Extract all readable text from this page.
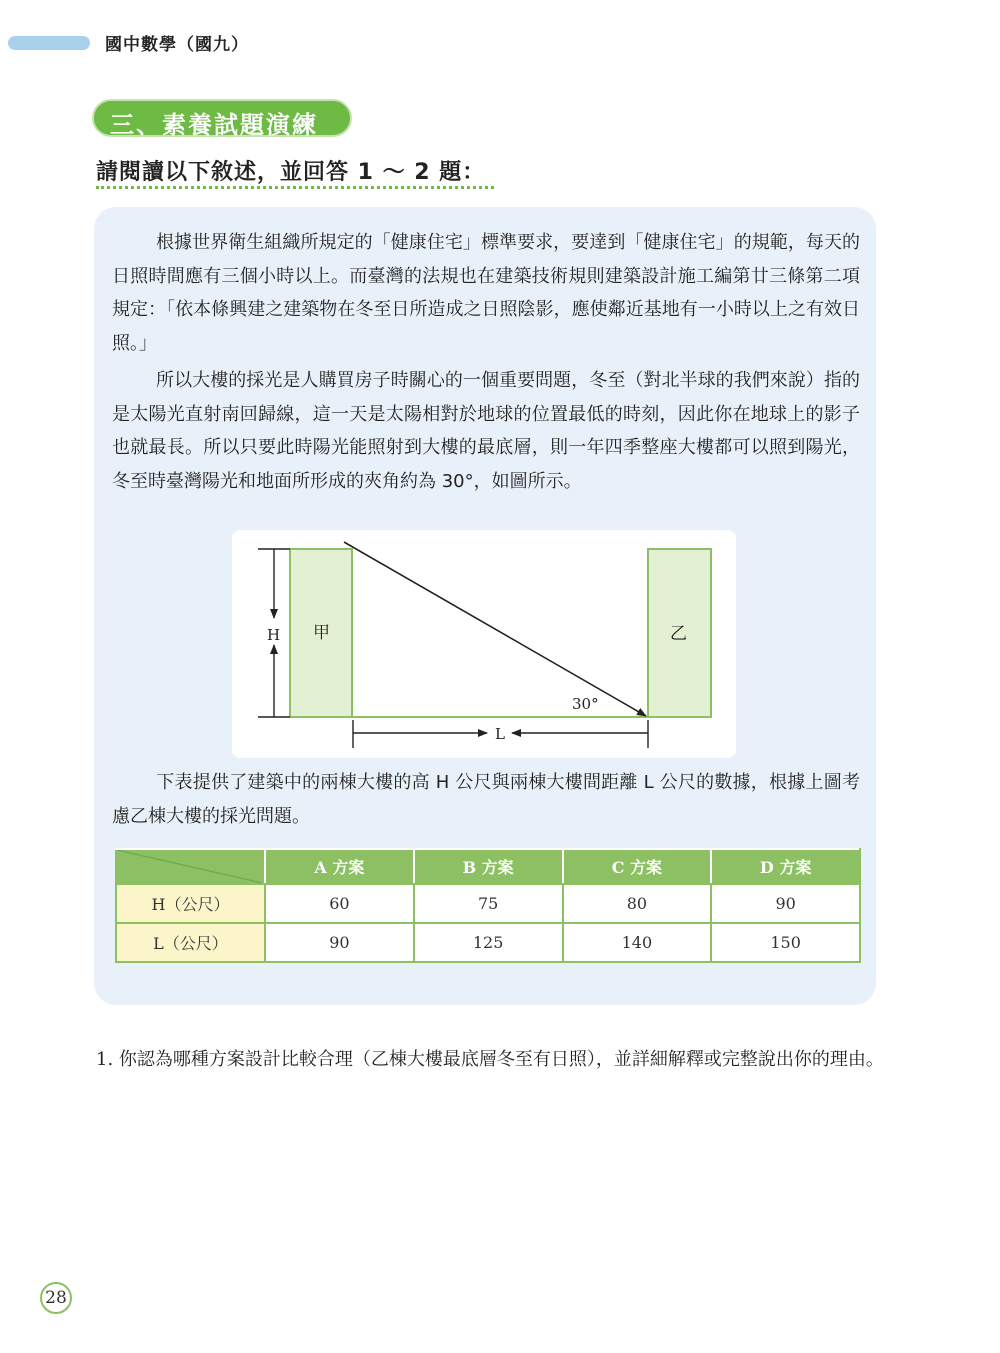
國中數學（國九）
三、素養試題演練
請閱讀以下敘述，並回答 1 ～ 2 題：

根據世界衛生組織所規定的「健康住宅」標準要求，要達到「健康住宅」的規範，每天的日照時間應有三個小時以上。而臺灣的法規也在建築技術規則建築設計施工編第廿三條第二項規定：「依本條興建之建築物在冬至日所造成之日照陰影，應使鄰近基地有一小時以上之有效日照。」

所以大樓的採光是人購買房子時關心的一個重要問題，冬至（對北半球的我們來說）指的是太陽光直射南回歸線，這一天是太陽相對於地球的位置最低的時刻，因此你在地球上的影子也就最長。所以只要此時陽光能照射到大樓的最底層，則一年四季整座大樓都可以照到陽光，冬至時臺灣陽光和地面所形成的夾角約為 30°，如圖所示。

H
L
甲	乙
30°

下表提供了建築中的兩棟大樓的高 H 公尺與兩棟大樓間距離 L 公尺的數據，根據上圖考慮乙棟大樓的採光問題。

	A 方案	B 方案	C 方案	D 方案
H（公尺）	60	75	80	90
L（公尺）	90	125	140	150
1. 你認為哪種方案設計比較合理（乙棟大樓最底層冬至有日照），並詳細解釋或完整說出你的理由。
28
